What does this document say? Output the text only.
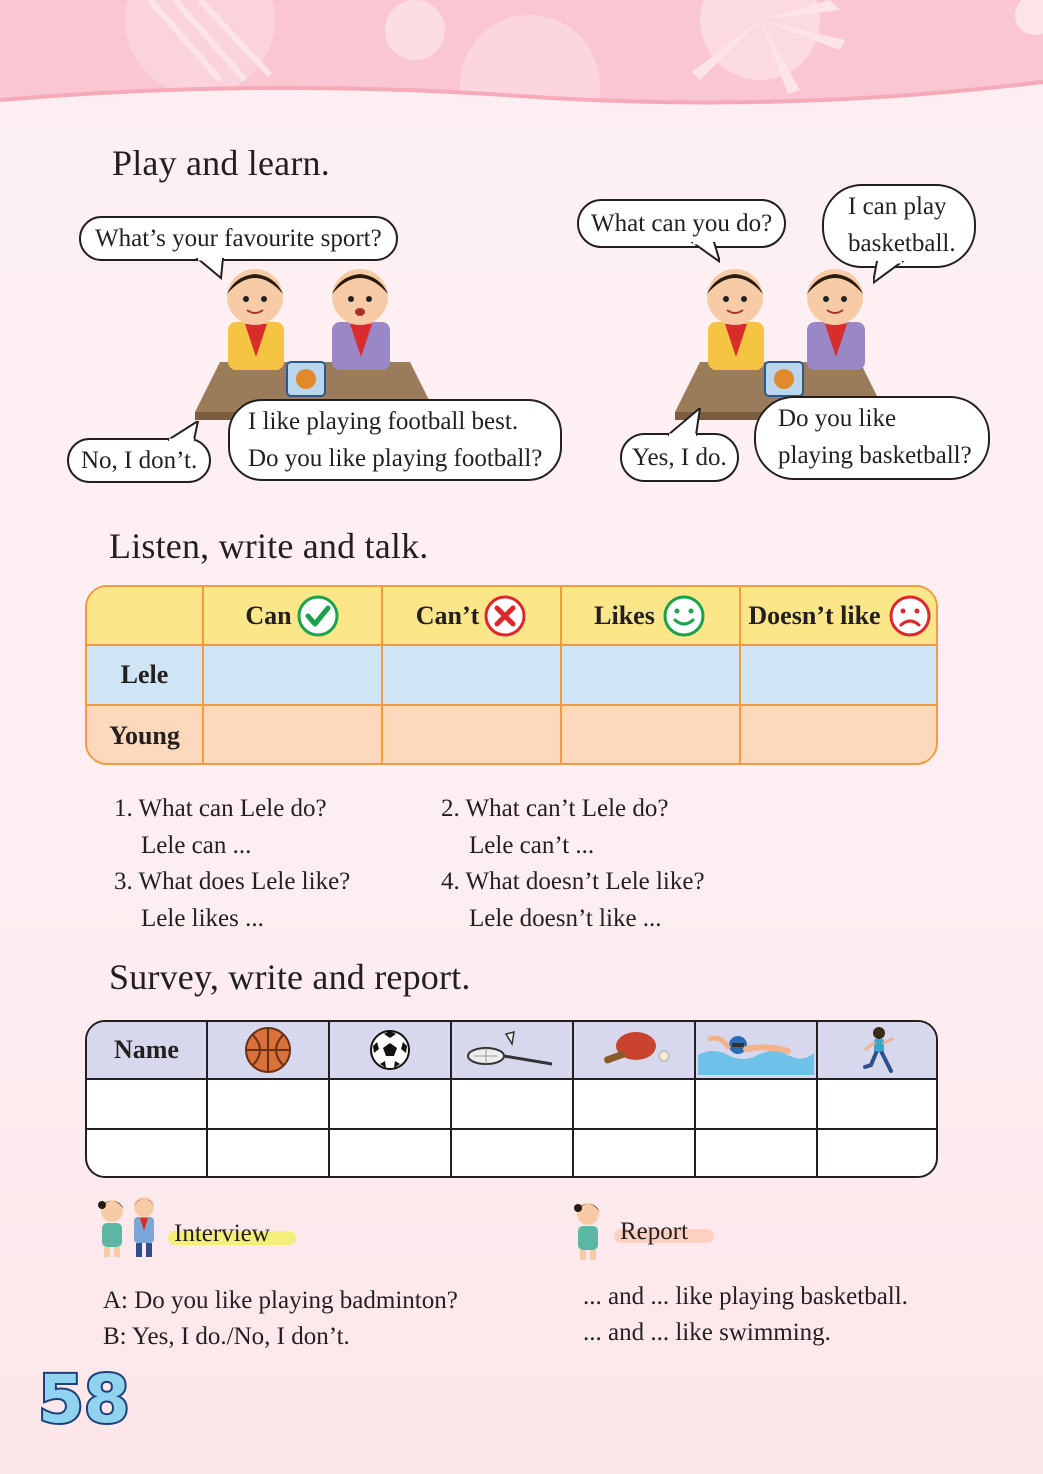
Play and learn.
What’s your favourite sport?
I like playing football best.
Do you like playing football?
No, I don’t.
What can you do?
I can play
basketball.
Do you like
playing basketball?
Yes, I do.
Listen, write and talk.
Can	Can’t	Likes	Doesn’t like
Lele
Young
1. What can Lele do?
Lele can ...
2. What can’t Lele do?
Lele can’t ...
3. What does Lele like?
Lele likes ...
4. What doesn’t Lele like?
Lele doesn’t like ...
Survey, write and report.
Name
Interview
A: Do you like playing badminton?
B: Yes, I do./No, I don’t.
Report
... and ... like playing basketball.
... and ... like swimming.
58
